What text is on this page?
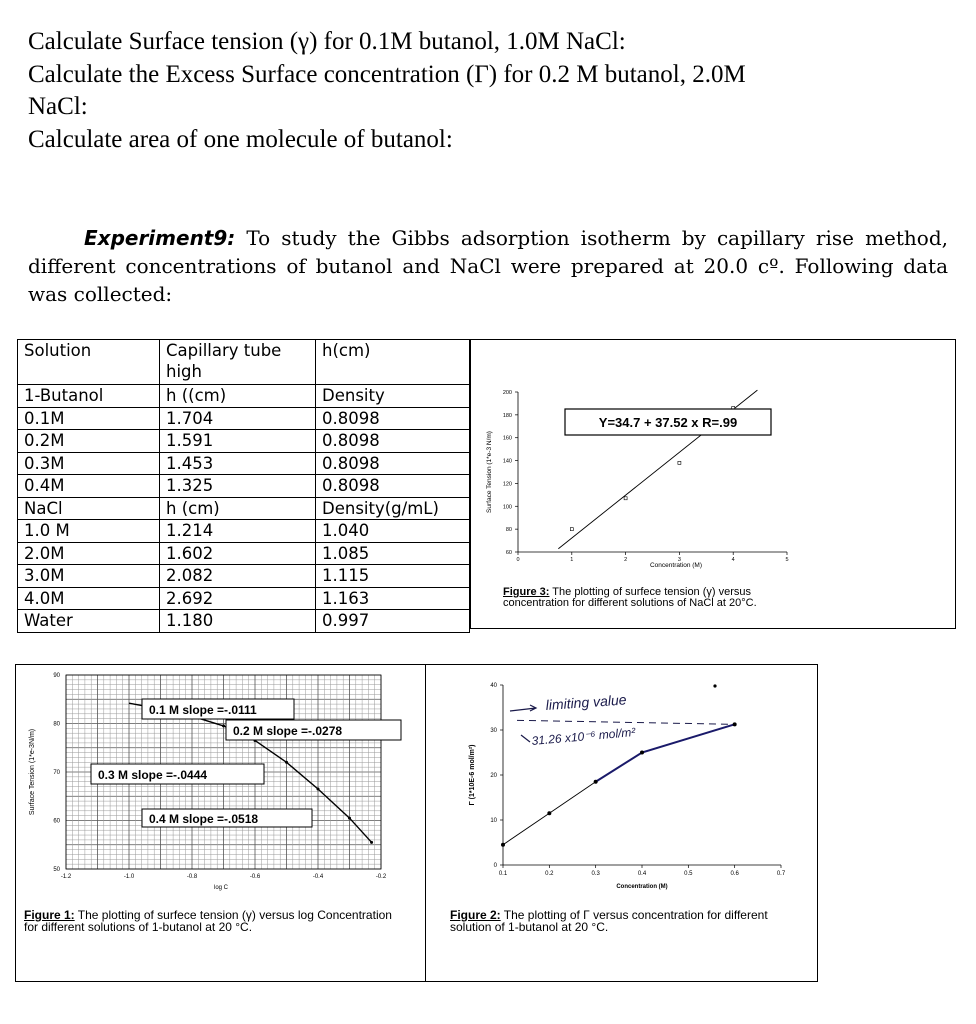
Calculate Surface tension (γ) for 0.1M butanol, 1.0M NaCl:
Calculate the Excess Surface concentration (Γ) for 0.2 M butanol, 2.0M
NaCl:
Calculate area of one molecule of butanol:
Experiment9: To study the Gibbs adsorption isotherm by capillary rise method, different concentrations of butanol and NaCl were prepared at 20.0 cº. Following data was collected:
Solution	Capillary tube high	h(cm)
1-Butanol	h ((cm)	Density
0.1M	1.704	0.8098
0.2M	1.591	0.8098
0.3M	1.453	0.8098
0.4M	1.325	0.8098
NaCl	h (cm)	Density(g/mL)
1.0 M	1.214	1.040
2.0M	1.602	1.085
3.0M	2.082	1.115
4.0M	2.692	1.163
Water	1.180	0.997
200
180
160
140
120
100
80
60
0	1	2	3	4	5
Concentration (M)
Surface Tension (1*e-3 N/m)
Y=34.7 + 37.52 x R=.99
Figure 3: The plotting of surfece tension (γ) versus concentration for different solutions of NaCl at 20°C.
90
80
70
60
50
-1.2	-1.0	-0.8	-0.6	-0.4	-0.2
log C
Surface Tension (1*e-3N/m)
0.1 M slope =-.0111
0.2 M slope =-.0278
0.3 M slope =-.0444
0.4 M slope =-.0518
Figure 1: The plotting of surfece tension (γ) versus log Concentration for different solutions of 1-butanol at 20 °C.
40
30
20
10
0
0.1	0.2	0.3	0.4	0.5	0.6	0.7
Concentration (M)
Γ (1*10E-6 mol/m²)
limiting value
31.26 x10⁻⁶ mol/m²
Figure 2: The plotting of Γ versus concentration for different solution of 1-butanol at 20 °C.
